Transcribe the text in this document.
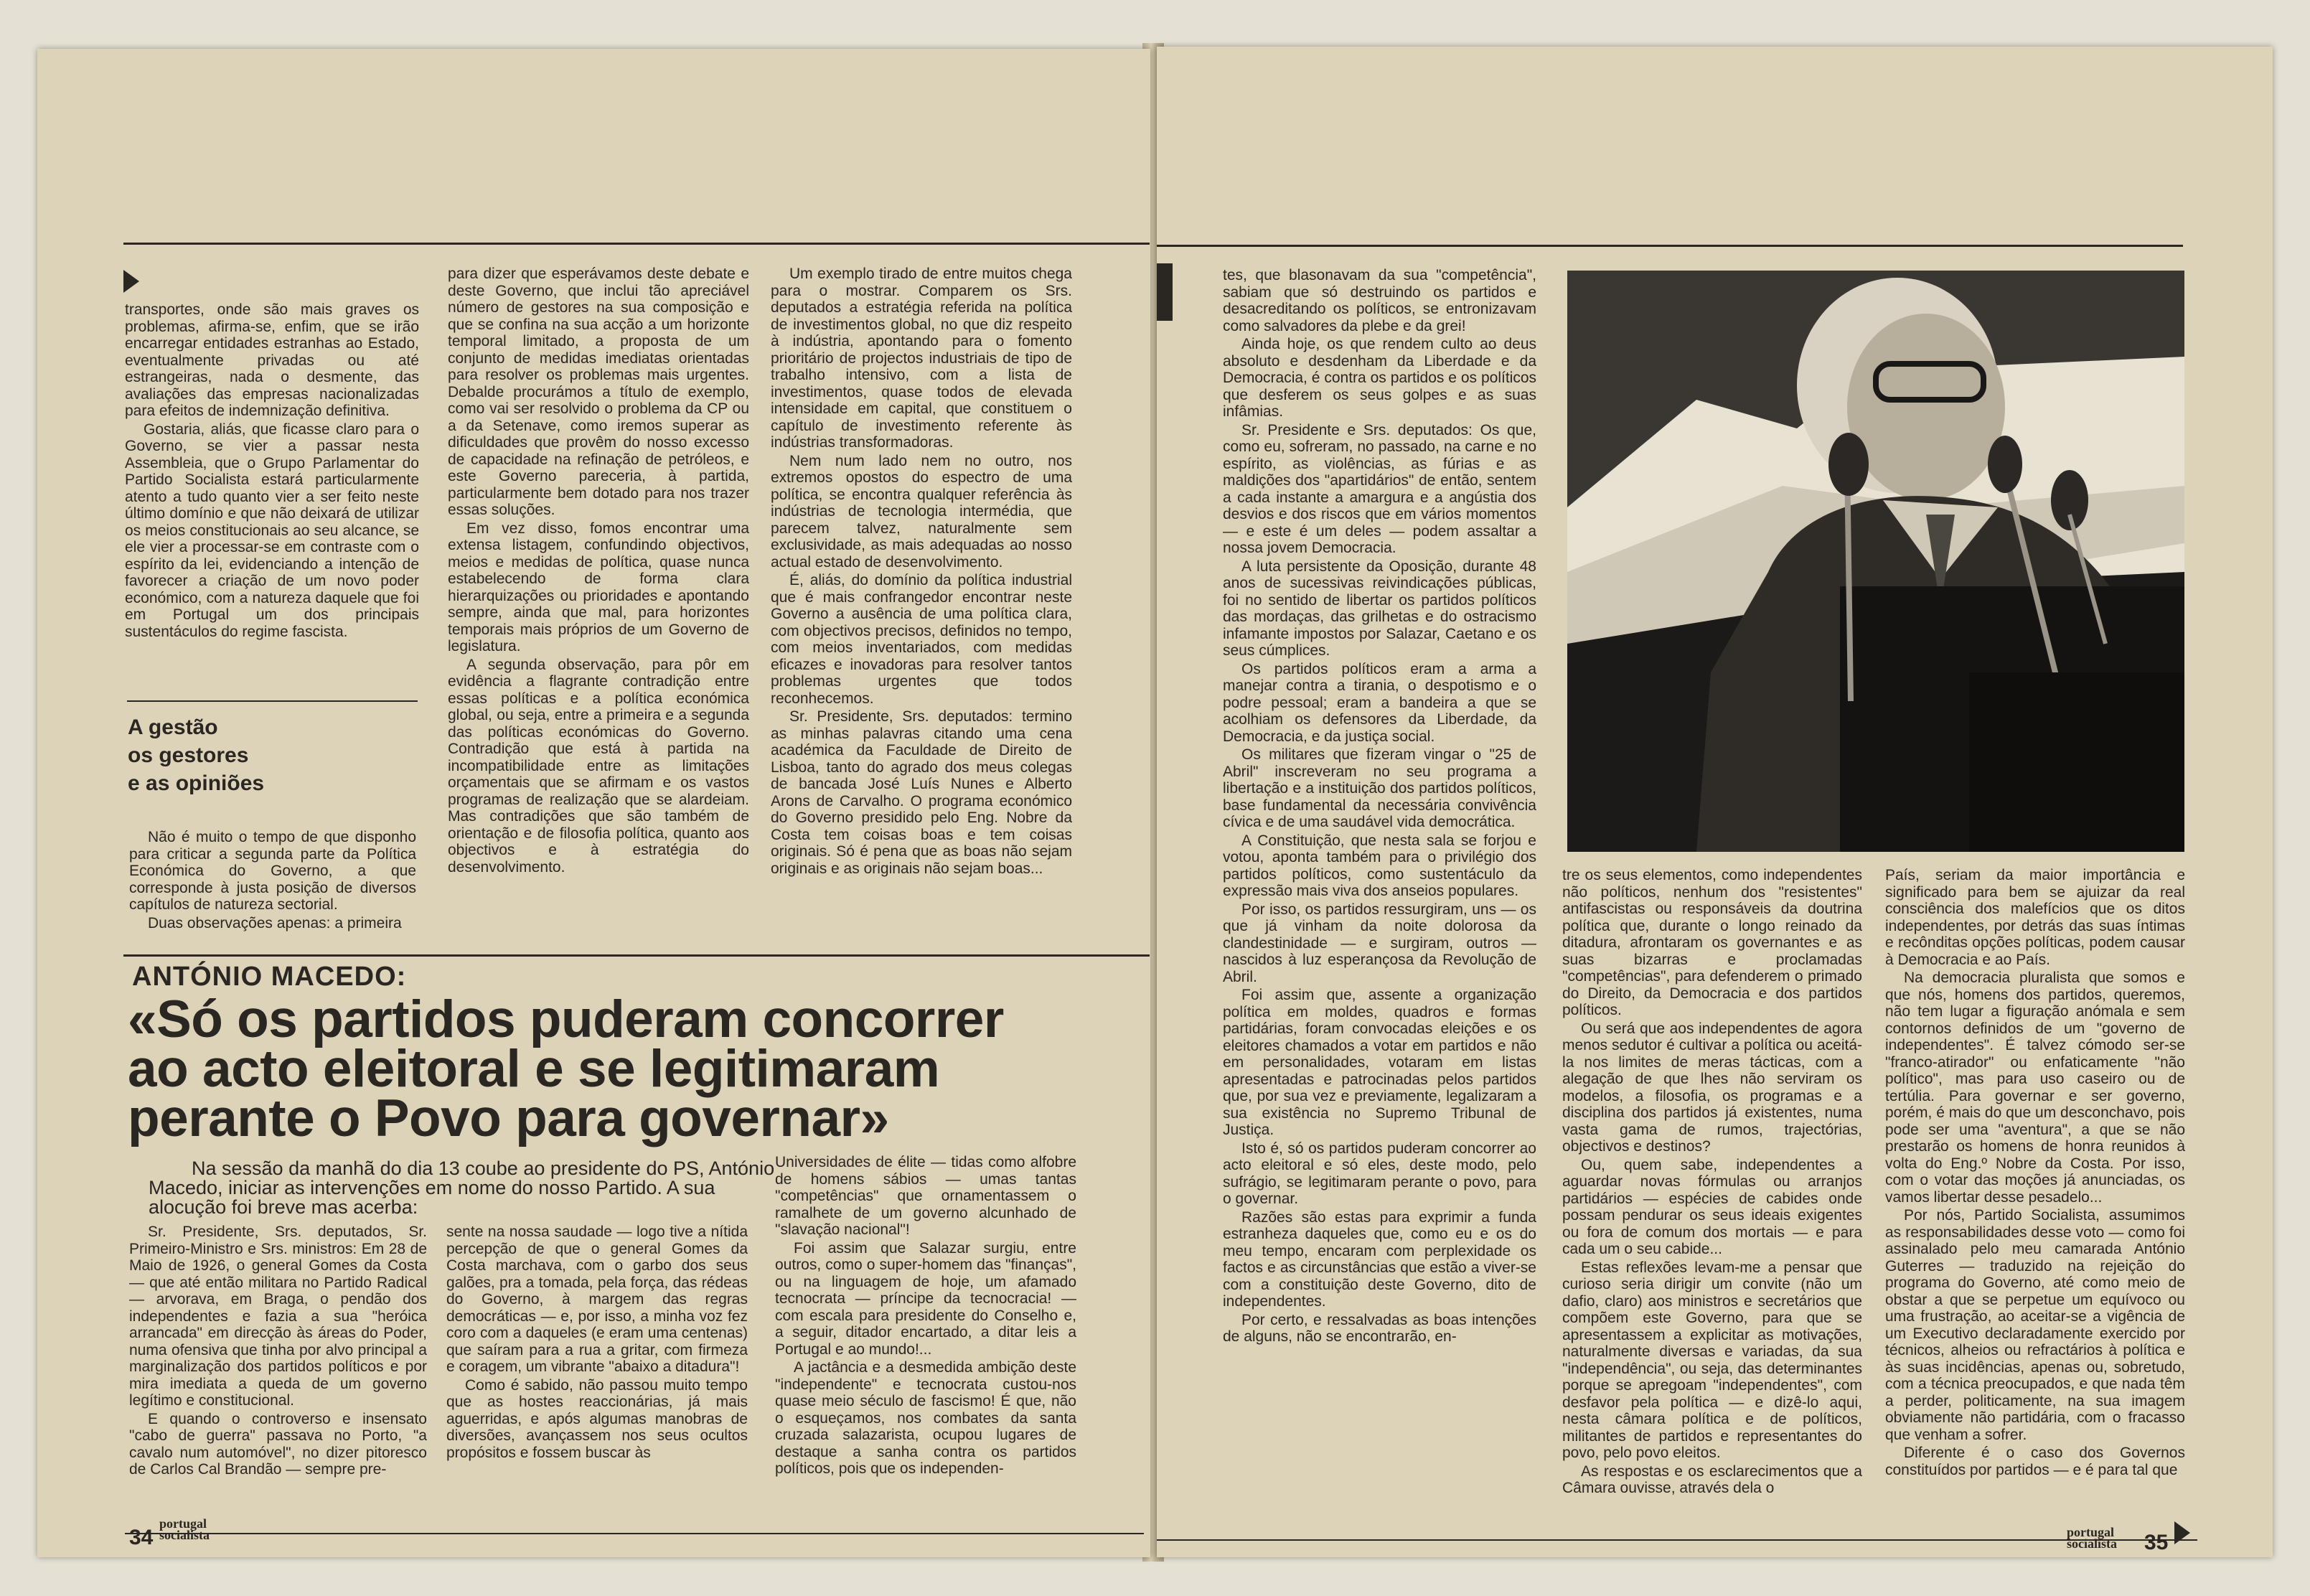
transportes, onde são mais graves os problemas, afirma-se, enfim, que se irão encarregar entidades estranhas ao Estado, eventualmente privadas ou até estrangeiras, nada o desmente, das avaliações das empresas nacionalizadas para efeitos de indemnização definitiva.

Gostaria, aliás, que ficasse claro para o Governo, se vier a passar nesta Assembleia, que o Grupo Parlamentar do Partido Socialista estará particularmente atento a tudo quanto vier a ser feito neste último domínio e que não deixará de utilizar os meios constitucionais ao seu alcance, se ele vier a processar-se em contraste com o espírito da lei, evidenciando a intenção de favorecer a criação de um novo poder económico, com a natureza daquele que foi em Portugal um dos principais sustentáculos do regime fascista.

A gestão
os gestores
e as opiniões

Não é muito o tempo de que disponho para criticar a segunda parte da Política Económica do Governo, a que corresponde à justa posição de diversos capítulos de natureza sectorial.

Duas observações apenas: a primeira

para dizer que esperávamos deste debate e deste Governo, que inclui tão apreciável número de gestores na sua composição e que se confina na sua acção a um horizonte temporal limitado, a proposta de um conjunto de medidas imediatas orientadas para resolver os problemas mais urgentes. Debalde procurámos a título de exemplo, como vai ser resolvido o problema da CP ou a da Setenave, como iremos superar as dificuldades que provêm do nosso excesso de capacidade na refinação de petróleos, e este Governo pareceria, à partida, particularmente bem dotado para nos trazer essas soluções.

Em vez disso, fomos encontrar uma extensa listagem, confundindo objectivos, meios e medidas de política, quase nunca estabelecendo de forma clara hierarquizações ou prioridades e apontando sempre, ainda que mal, para horizontes temporais mais próprios de um Governo de legislatura.

A segunda observação, para pôr em evidência a flagrante contradição entre essas políticas e a política económica global, ou seja, entre a primeira e a segunda das políticas económicas do Governo. Contradição que está à partida na incompatibilidade entre as limitações orçamentais que se afirmam e os vastos programas de realização que se alardeiam. Mas contradições que são também de orientação e de filosofia política, quanto aos objectivos e à estratégia do desenvolvimento.

Um exemplo tirado de entre muitos chega para o mostrar. Comparem os Srs. deputados a estratégia referida na política de investimentos global, no que diz respeito à indústria, apontando para o fomento prioritário de projectos industriais de tipo de trabalho intensivo, com a lista de investimentos, quase todos de elevada intensidade em capital, que constituem o capítulo de investimento referente às indústrias transformadoras.

Nem num lado nem no outro, nos extremos opostos do espectro de uma política, se encontra qualquer referência às indústrias de tecnologia intermédia, que parecem talvez, naturalmente sem exclusividade, as mais adequadas ao nosso actual estado de desenvolvimento.

É, aliás, do domínio da política industrial que é mais confrangedor encontrar neste Governo a ausência de uma política clara, com objectivos precisos, definidos no tempo, com meios inventariados, com medidas eficazes e inovadoras para resolver tantos problemas urgentes que todos reconhecemos.

Sr. Presidente, Srs. deputados: termino as minhas palavras citando uma cena académica da Faculdade de Direito de Lisboa, tanto do agrado dos meus colegas de bancada José Luís Nunes e Alberto Arons de Carvalho. O programa económico do Governo presidido pelo Eng. Nobre da Costa tem coisas boas e tem coisas originais. Só é pena que as boas não sejam originais e as originais não sejam boas...

ANTÓNIO MACEDO:
«Só os partidos puderam concorrer
ao acto eleitoral e se legitimaram
perante o Povo para governar»
Na sessão da manhã do dia 13 coube ao presidente do PS, António Macedo, iniciar as intervenções em nome do nosso Partido. A sua alocução foi breve mas acerba:

Sr. Presidente, Srs. deputados, Sr. Primeiro-Ministro e Srs. ministros: Em 28 de Maio de 1926, o general Gomes da Costa — que até então militara no Partido Radical — arvorava, em Braga, o pendão dos independentes e fazia a sua "heróica arrancada" em direcção às áreas do Poder, numa ofensiva que tinha por alvo principal a marginalização dos partidos políticos e por mira imediata a queda de um governo legítimo e constitucional.

E quando o controverso e insensato "cabo de guerra" passava no Porto, "a cavalo num automóvel", no dizer pitoresco de Carlos Cal Brandão — sempre pre-

sente na nossa saudade — logo tive a nítida percepção de que o general Gomes da Costa marchava, com o garbo dos seus galões, pra a tomada, pela força, das rédeas do Governo, à margem das regras democráticas — e, por isso, a minha voz fez coro com a daqueles (e eram uma centenas) que saíram para a rua a gritar, com firmeza e coragem, um vibrante "abaixo a ditadura"!

Como é sabido, não passou muito tempo que as hostes reaccionárias, já mais aguerridas, e após algumas manobras de diversões, avançassem nos seus ocultos propósitos e fossem buscar às

Universidades de élite — tidas como alfobre de homens sábios — umas tantas "competências" que ornamentassem o ramalhete de um governo alcunhado de "slavação nacional"!

Foi assim que Salazar surgiu, entre outros, como o super-homem das "finanças", ou na linguagem de hoje, um afamado tecnocrata — príncipe da tecnocracia! — com escala para presidente do Conselho e, a seguir, ditador encartado, a ditar leis a Portugal e ao mundo!...

A jactância e a desmedida ambição deste "independente" e tecnocrata custou-nos quase meio século de fascismo! É que, não o esqueçamos, nos combates da santa cruzada salazarista, ocupou lugares de destaque a sanha contra os partidos políticos, pois que os independen-

34
portugal
socialista

tes, que blasonavam da sua "competência", sabiam que só destruindo os partidos e desacreditando os políticos, se entronizavam como salvadores da plebe e da grei!

Ainda hoje, os que rendem culto ao deus absoluto e desdenham da Liberdade e da Democracia, é contra os partidos e os políticos que desferem os seus golpes e as suas infâmias.

Sr. Presidente e Srs. deputados: Os que, como eu, sofreram, no passado, na carne e no espírito, as violências, as fúrias e as maldições dos "apartidários" de então, sentem a cada instante a amargura e a angústia dos desvios e dos riscos que em vários momentos — e este é um deles — podem assaltar a nossa jovem Democracia.

A luta persistente da Oposição, durante 48 anos de sucessivas reivindicações públicas, foi no sentido de libertar os partidos políticos das mordaças, das grilhetas e do ostracismo infamante impostos por Salazar, Caetano e os seus cúmplices.

Os partidos políticos eram a arma a manejar contra a tirania, o despotismo e o podre pessoal; eram a bandeira a que se acolhiam os defensores da Liberdade, da Democracia, e da justiça social.

Os militares que fizeram vingar o "25 de Abril" inscreveram no seu programa a libertação e a instituição dos partidos políticos, base fundamental da necessária convivência cívica e de uma saudável vida democrática.

A Constituição, que nesta sala se forjou e votou, aponta também para o privilégio dos partidos políticos, como sustentáculo da expressão mais viva dos anseios populares.

Por isso, os partidos ressurgiram, uns — os que já vinham da noite dolorosa da clandestinidade — e surgiram, outros — nascidos à luz esperançosa da Revolução de Abril.

Foi assim que, assente a organização política em moldes, quadros e formas partidárias, foram convocadas eleições e os eleitores chamados a votar em partidos e não em personalidades, votaram em listas apresentadas e patrocinadas pelos partidos que, por sua vez e previamente, legalizaram a sua existência no Supremo Tribunal de Justiça.

Isto é, só os partidos puderam concorrer ao acto eleitoral e só eles, deste modo, pelo sufrágio, se legitimaram perante o povo, para o governar.

Razões são estas para exprimir a funda estranheza daqueles que, como eu e os do meu tempo, encaram com perplexidade os factos e as circunstâncias que estão a viver-se com a constituição deste Governo, dito de independentes.

Por certo, e ressalvadas as boas intenções de alguns, não se encontrarão, en-

tre os seus elementos, como independentes não políticos, nenhum dos "resistentes" antifascistas ou responsáveis da doutrina política que, durante o longo reinado da ditadura, afrontaram os governantes e as suas bizarras e proclamadas "competências", para defenderem o primado do Direito, da Democracia e dos partidos políticos.

Ou será que aos independentes de agora menos sedutor é cultivar a política ou aceitá-la nos limites de meras tácticas, com a alegação de que lhes não serviram os modelos, a filosofia, os programas e a disciplina dos partidos já existentes, numa vasta gama de rumos, trajectórias, objectivos e destinos?

Ou, quem sabe, independentes a aguardar novas fórmulas ou arranjos partidários — espécies de cabides onde possam pendurar os seus ideais exigentes ou fora de comum dos mortais — e para cada um o seu cabide...

Estas reflexões levam-me a pensar que curioso seria dirigir um convite (não um dafio, claro) aos ministros e secretários que compõem este Governo, para que se apresentassem a explicitar as motivações, naturalmente diversas e variadas, da sua "independência", ou seja, das determinantes porque se apregoam "independentes", com desfavor pela política — e dizê-lo aqui, nesta câmara política e de políticos, militantes de partidos e representantes do povo, pelo povo eleitos.

As respostas e os esclarecimentos que a Câmara ouvisse, através dela o

País, seriam da maior importância e significado para bem se ajuizar da real consciência dos malefícios que os ditos independentes, por detrás das suas íntimas e recônditas opções políticas, podem causar à Democracia e ao País.

Na democracia pluralista que somos e que nós, homens dos partidos, queremos, não tem lugar a figuração anómala e sem contornos definidos de um "governo de independentes". É talvez cómodo ser-se "franco-atirador" ou enfaticamente "não político", mas para uso caseiro ou de tertúlia. Para governar e ser governo, porém, é mais do que um desconchavo, pois pode ser uma "aventura", a que se não prestarão os homens de honra reunidos à volta do Eng.º Nobre da Costa. Por isso, com o votar das moções já anunciadas, os vamos libertar desse pesadelo...

Por nós, Partido Socialista, assumimos as responsabilidades desse voto — como foi assinalado pelo meu camarada António Guterres — traduzido na rejeição do programa do Governo, até como meio de obstar a que se perpetue um equívoco ou uma frustração, ao aceitar-se a vigência de um Executivo declaradamente exercido por técnicos, alheios ou refractários à política e às suas incidências, apenas ou, sobretudo, com a técnica preocupados, e que nada têm a perder, politicamente, na sua imagem obviamente não partidária, com o fracasso que venham a sofrer.

Diferente é o caso dos Governos constituídos por partidos — e é para tal que

portugal
socialista 35
